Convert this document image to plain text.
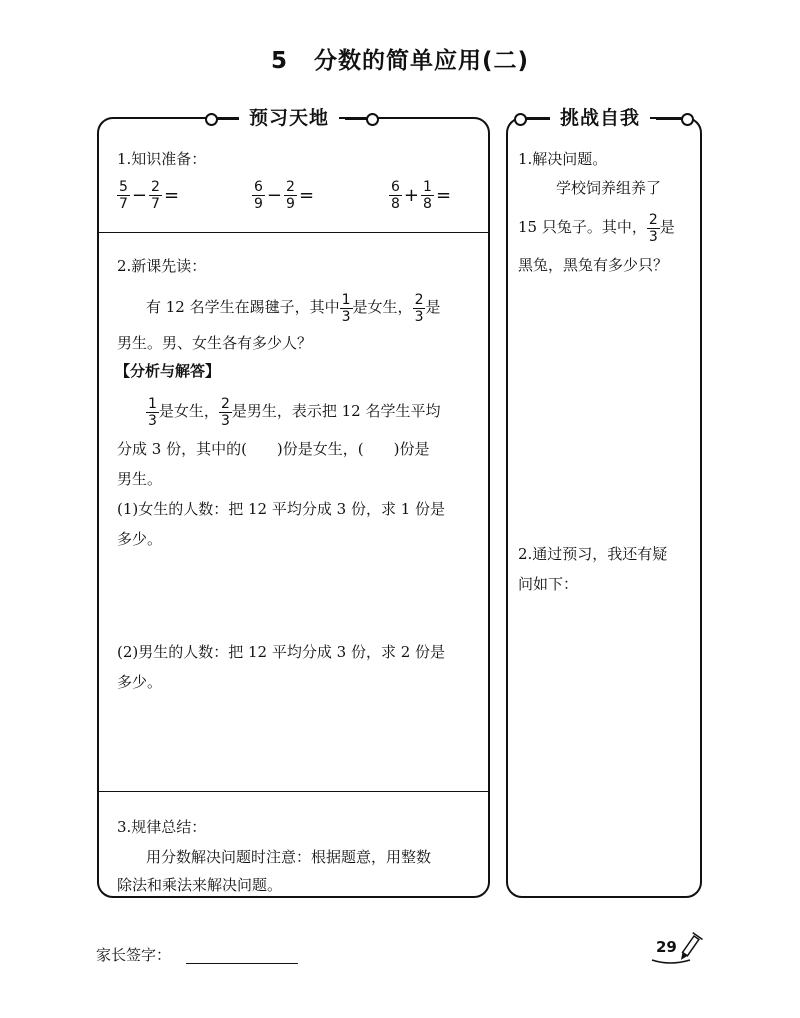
5 分数的简单应用(二)
预习天地
1.知识准备：
$\frac{5}{7} - \frac{2}{7}$ =	$\frac{6}{9} - \frac{2}{9}$ =	$\frac{6}{8} + \frac{1}{8}$ =
2.新课先读：
有 12 名学生在踢毽子，其中 $\frac{1}{3}$ 是女生， $\frac{2}{3}$ 是
男生。男、女生各有多少人？
【分析与解答】
$\frac{1}{3}$ 是女生， $\frac{2}{3}$ 是男生，表示把 12 名学生平均
分成 3 份，其中的(　　)份是女生，(　　)份是
男生。
(1)女生的人数：把 12 平均分成 3 份，求 1 份是
多少。
(2)男生的人数：把 12 平均分成 3 份，求 2 份是
多少。
3.规律总结：
用分数解决问题时注意：根据题意，用整数
除法和乘法来解决问题。
挑战自我
1.解决问题。
学校饲养组养了
15 只兔子。其中， $\frac{2}{3}$ 是
黑兔，黑兔有多少只？
2.通过预习，我还有疑
问如下：
家长签字：	29
